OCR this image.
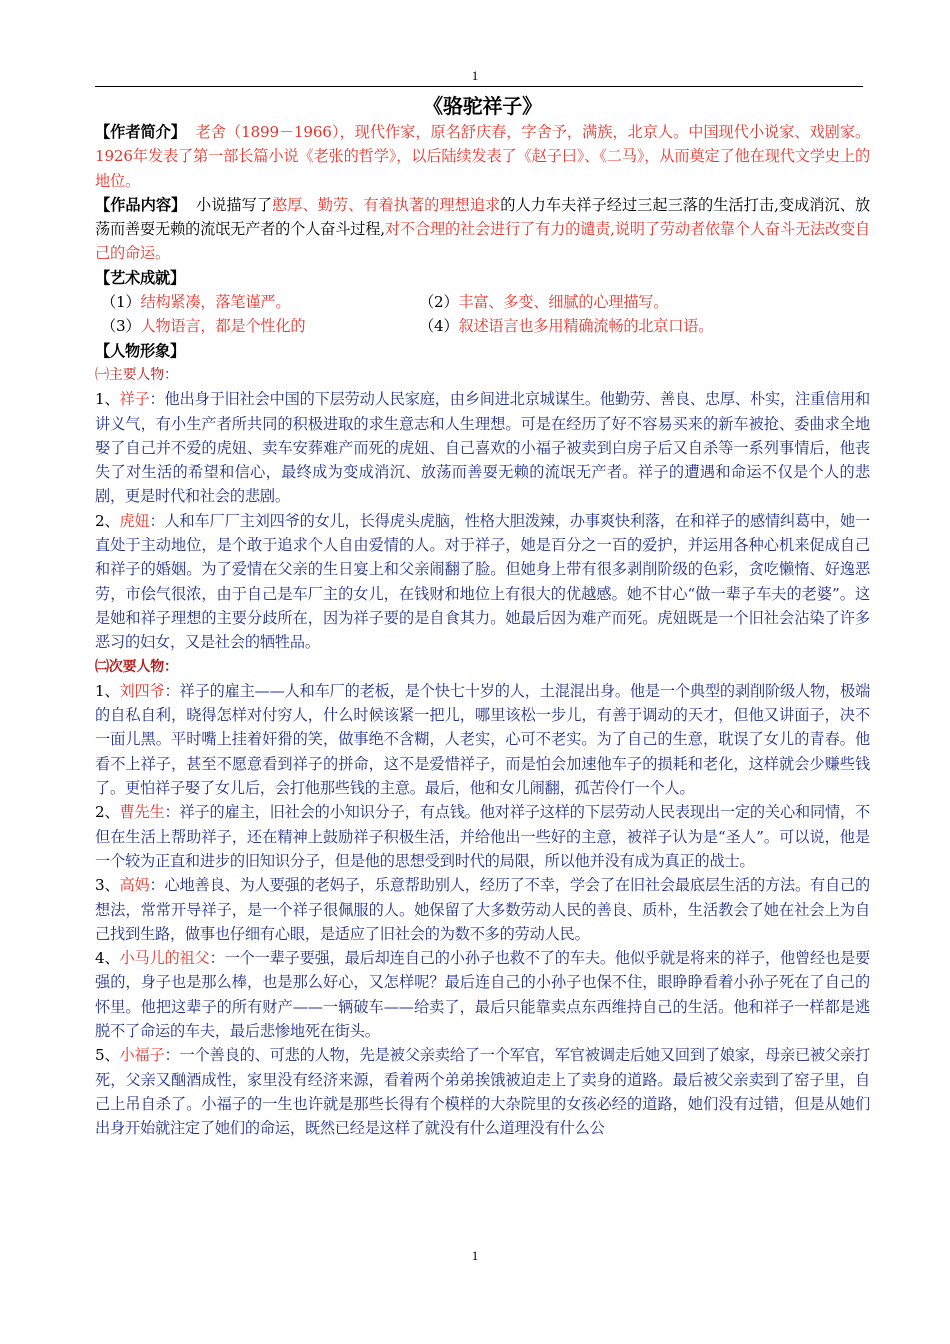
1
《骆驼祥子》

【作者简介】 老舍（1899－1966），现代作家，原名舒庆春，字舍予，满族，北京人。中国现代小说家、戏剧家。1926年发表了第一部长篇小说《老张的哲学》，以后陆续发表了《赵子曰》、《二马》，从而奠定了他在现代文学史上的地位。

【作品内容】 小说描写了憨厚、勤劳、有着执著的理想追求的人力车夫祥子经过三起三落的生活打击,变成消沉、放荡而善耍无赖的流氓无产者的个人奋斗过程,对不合理的社会进行了有力的谴责,说明了劳动者依靠个人奋斗无法改变自己的命运。

【艺术成就】

（1）结构紧凑，落笔谨严。	（2）丰富、多变、细腻的心理描写。
（3）人物语言，都是个性化的	（4）叙述语言也多用精确流畅的北京口语。

【人物形象】

㈠主要人物：

1、祥子：他出身于旧社会中国的下层劳动人民家庭，由乡间进北京城谋生。他勤劳、善良、忠厚、朴实，注重信用和讲义气，有小生产者所共同的积极进取的求生意志和人生理想。可是在经历了好不容易买来的新车被抢、委曲求全地娶了自己并不爱的虎妞、卖车安葬难产而死的虎妞、自己喜欢的小福子被卖到白房子后又自杀等一系列事情后，他丧失了对生活的希望和信心，最终成为变成消沉、放荡而善耍无赖的流氓无产者。祥子的遭遇和命运不仅是个人的悲剧，更是时代和社会的悲剧。

2、虎妞：人和车厂厂主刘四爷的女儿，长得虎头虎脑，性格大胆泼辣，办事爽快利落，在和祥子的感情纠葛中，她一直处于主动地位，是个敢于追求个人自由爱情的人。对于祥子，她是百分之一百的爱护，并运用各种心机来促成自己和祥子的婚姻。为了爱情在父亲的生日宴上和父亲闹翻了脸。但她身上带有很多剥削阶级的色彩，贪吃懒惰、好逸恶劳，市侩气很浓，由于自己是车厂主的女儿，在钱财和地位上有很大的优越感。她不甘心“做一辈子车夫的老婆”。这是她和祥子理想的主要分歧所在，因为祥子要的是自食其力。她最后因为难产而死。虎妞既是一个旧社会沾染了许多恶习的妇女，又是社会的牺牲品。

㈡次要人物：

1、刘四爷：祥子的雇主——人和车厂的老板，是个快七十岁的人，土混混出身。他是一个典型的剥削阶级人物，极端的自私自利，晓得怎样对付穷人，什么时候该紧一把儿，哪里该松一步儿，有善于调动的天才，但他又讲面子，决不一面儿黑。平时嘴上挂着奸猾的笑，做事绝不含糊，人老实，心可不老实。为了自己的生意，耽误了女儿的青春。他看不上祥子，甚至不愿意看到祥子的拼命，这不是爱惜祥子，而是怕会加速他车子的损耗和老化，这样就会少赚些钱了。更怕祥子娶了女儿后，会打他那些钱的主意。最后，他和女儿闹翻，孤苦伶仃一个人。

2、曹先生：祥子的雇主，旧社会的小知识分子，有点钱。他对祥子这样的下层劳动人民表现出一定的关心和同情，不但在生活上帮助祥子，还在精神上鼓励祥子积极生活，并给他出一些好的主意，被祥子认为是“圣人”。可以说，他是一个较为正直和进步的旧知识分子，但是他的思想受到时代的局限，所以他并没有成为真正的战士。

3、高妈：心地善良、为人要强的老妈子，乐意帮助别人，经历了不幸，学会了在旧社会最底层生活的方法。有自己的想法，常常开导祥子，是一个祥子很佩服的人。她保留了大多数劳动人民的善良、质朴，生活教会了她在社会上为自己找到生路，做事也仔细有心眼，是适应了旧社会的为数不多的劳动人民。

4、小马儿的祖父：一个一辈子要强，最后却连自己的小孙子也救不了的车夫。他似乎就是将来的祥子，他曾经也是要强的，身子也是那么棒，也是那么好心，又怎样呢？最后连自己的小孙子也保不住，眼睁睁看着小孙子死在了自己的怀里。他把这辈子的所有财产——一辆破车——给卖了，最后只能靠卖点东西维持自己的生活。他和祥子一样都是逃脱不了命运的车夫，最后悲惨地死在街头。

5、小福子：一个善良的、可悲的人物，先是被父亲卖给了一个军官，军官被调走后她又回到了娘家，母亲已被父亲打死，父亲又酗酒成性，家里没有经济来源，看着两个弟弟挨饿被迫走上了卖身的道路。最后被父亲卖到了窑子里，自己上吊自杀了。小福子的一生也许就是那些长得有个模样的大杂院里的女孩必经的道路，她们没有过错，但是从她们出身开始就注定了她们的命运，既然已经是这样了就没有什么道理没有什么公

1
